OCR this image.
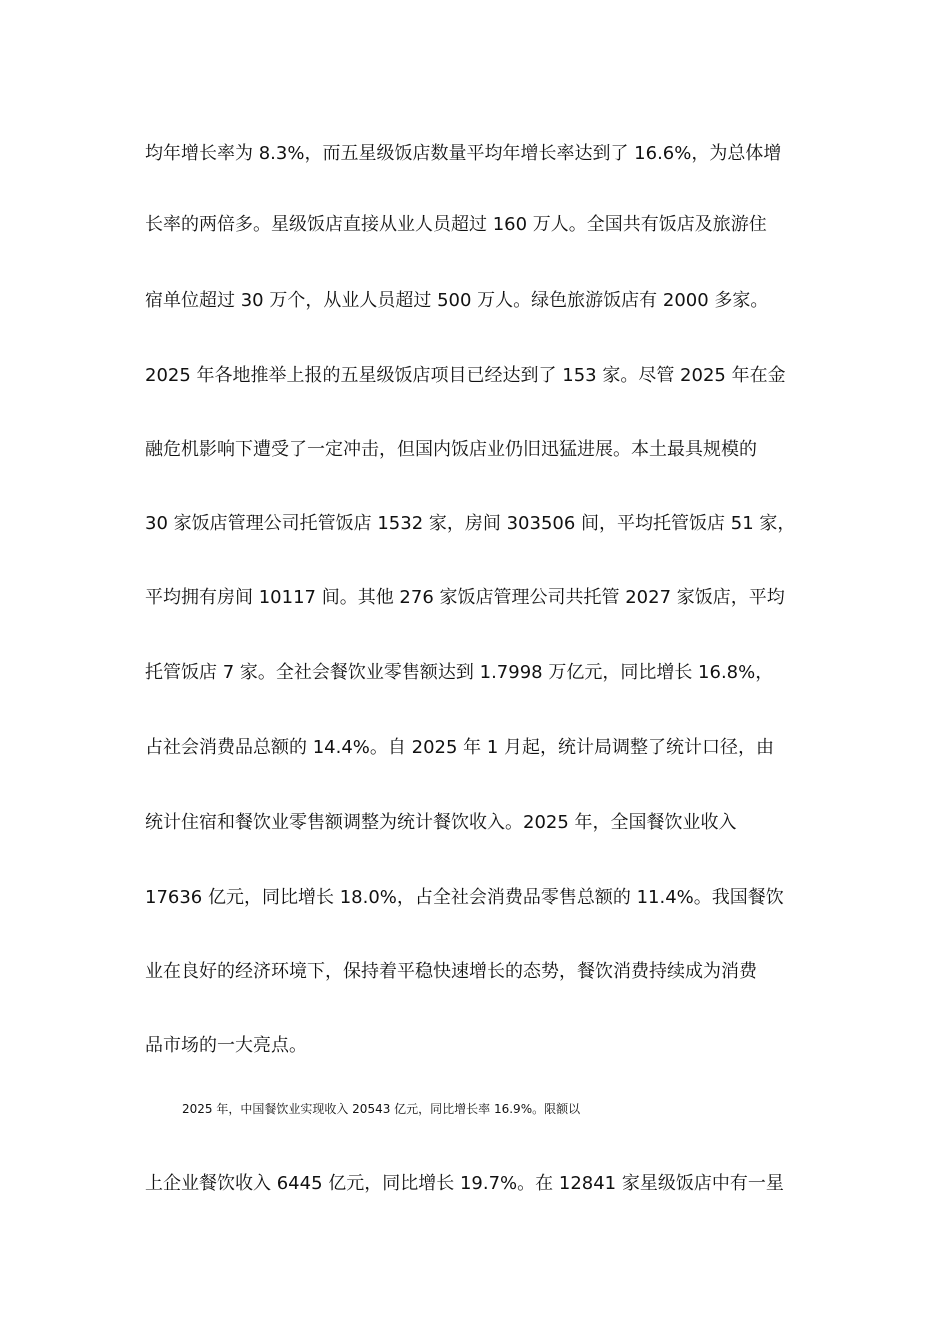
均年增长率为 8.3%，而五星级饭店数量平均年增长率达到了 16.6%，为总体增
长率的两倍多。星级饭店直接从业人员超过 160 万人。全国共有饭店及旅游住
宿单位超过 30 万个，从业人员超过 500 万人。绿色旅游饭店有 2000 多家。
2025 年各地推举上报的五星级饭店项目已经达到了 153 家。尽管 2025 年在金
融危机影响下遭受了一定冲击，但国内饭店业仍旧迅猛进展。本土最具规模的
30 家饭店管理公司托管饭店 1532 家，房间 303506 间，平均托管饭店 51 家，
平均拥有房间 10117 间。其他 276 家饭店管理公司共托管 2027 家饭店，平均
托管饭店 7 家。全社会餐饮业零售额达到 1.7998 万亿元，同比增长 16.8%，
占社会消费品总额的 14.4%。自 2025 年 1 月起，统计局调整了统计口径，由
统计住宿和餐饮业零售额调整为统计餐饮收入。2025 年，全国餐饮业收入
17636 亿元，同比增长 18.0%，占全社会消费品零售总额的 11.4%。我国餐饮
业在良好的经济环境下，保持着平稳快速增长的态势，餐饮消费持续成为消费
品市场的一大亮点。
2025 年，中国餐饮业实现收入 20543 亿元，同比增长率 16.9%。限额以
上企业餐饮收入 6445 亿元，同比增长 19.7%。在 12841 家星级饭店中有一星
